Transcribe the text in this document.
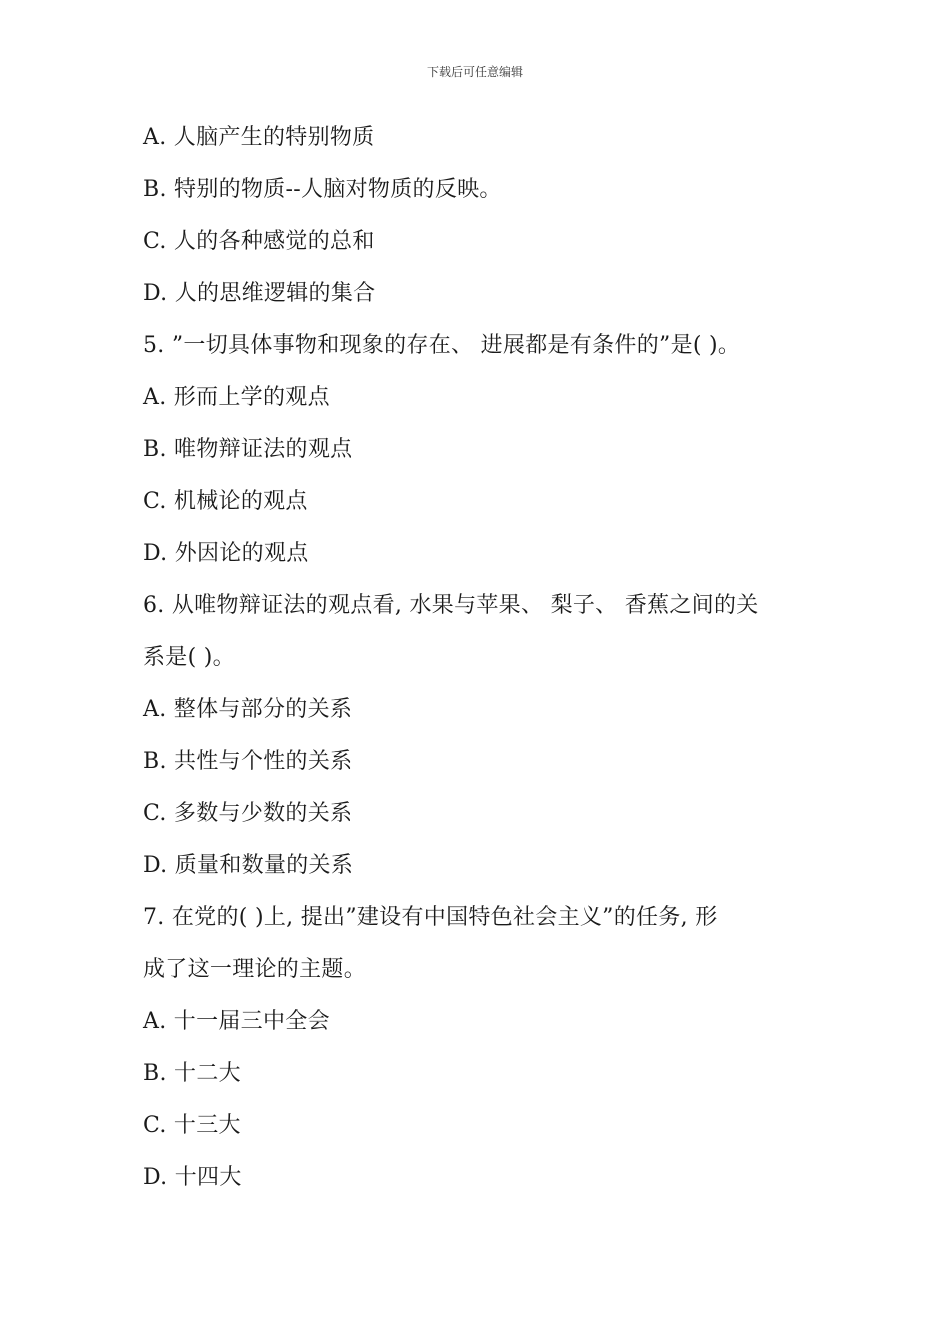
下载后可任意编辑
A. 人脑产生的特别物质
B. 特别的物质--人脑对物质的反映。
C. 人的各种感觉的总和
D. 人的思维逻辑的集合
5. ”一切具体事物和现象的存在、 进展都是有条件的”是( )。
A. 形而上学的观点
B. 唯物辩证法的观点
C. 机械论的观点
D. 外因论的观点
6. 从唯物辩证法的观点看, 水果与苹果、 梨子、 香蕉之间的关
系是( )。
A. 整体与部分的关系
B. 共性与个性的关系
C. 多数与少数的关系
D. 质量和数量的关系
7. 在党的( )上, 提出”建设有中国特色社会主义”的任务, 形
成了这一理论的主题。
A. 十一届三中全会
B. 十二大
C. 十三大
D. 十四大
